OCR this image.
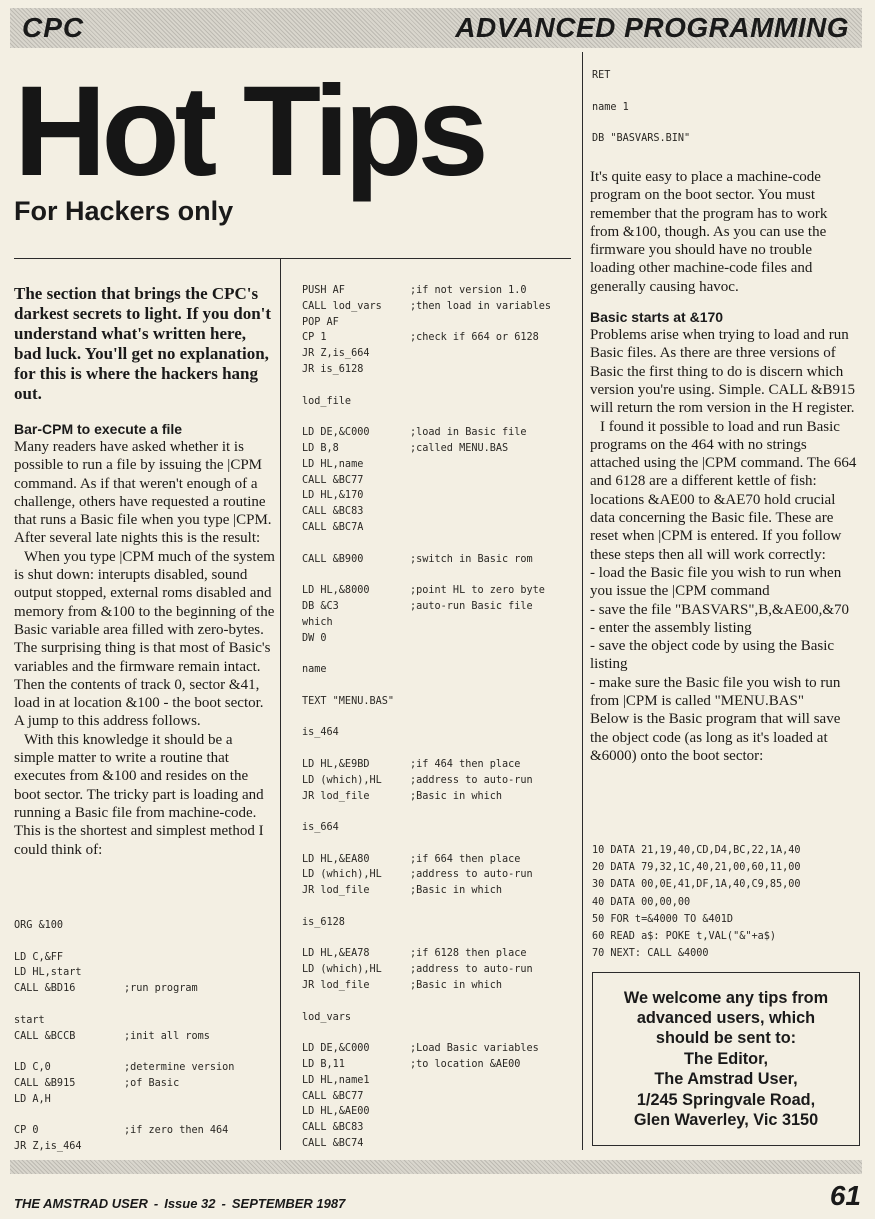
CPC	ADVANCED PROGRAMMING
Hot Tips
For Hackers only
The section that brings the CPC's darkest secrets to light. If you don't understand what's written here, bad luck. You'll get no explanation, for this is where the hackers hang out.
Bar-CPM to execute a file

Many readers have asked whether it is possible to run a file by issuing the |CPM command. As if that weren't enough of a challenge, others have requested a routine that runs a Basic file when you type |CPM. After several late nights this is the result:

When you type |CPM much of the system is shut down: interupts disabled, sound output stopped, external roms disabled and memory from &100 to the beginning of the Basic variable area filled with zero-bytes. The surprising thing is that most of Basic's variables and the firmware remain intact. Then the contents of track 0, sector &41, load in at location &100 - the boot sector. A jump to this address follows.

With this knowledge it should be a simple matter to write a routine that executes from &100 and resides on the boot sector. The tricky part is loading and running a Basic file from machine-code. This is the shortest and simplest method I could think of:

ORG &100

LD C,&FF
LD HL,start
CALL &BD16	;run program

start
CALL &BCCB	;init all roms

LD C,0	;determine version
CALL &B915	;of Basic
LD A,H

CP 0	;if zero then 464
JR Z,is_464
PUSH AF	;if not version 1.0
CALL lod_vars	;then load in variables
POP AF
CP 1	;check if 664 or 6128
JR Z,is_664
JR is_6128

lod_file

LD DE,&C000	;load in Basic file
LD B,8	;called MENU.BAS
LD HL,name
CALL &BC77
LD HL,&170
CALL &BC83
CALL &BC7A

CALL &B900	;switch in Basic rom

LD HL,&8000	;point HL to zero byte
DB &C3	;auto-run Basic file
which
DW 0

name

TEXT "MENU.BAS"

is_464

LD HL,&E9BD	;if 464 then place
LD (which),HL	;address to auto-run
JR lod_file	;Basic in which

is_664

LD HL,&EA80	;if 664 then place
LD (which),HL	;address to auto-run
JR lod_file	;Basic in which

is_6128

LD HL,&EA78	;if 6128 then place
LD (which),HL	;address to auto-run
JR lod_file	;Basic in which

lod_vars

LD DE,&C000	;Load Basic variables
LD B,11	;to location &AE00
LD HL,name1
CALL &BC77
LD HL,&AE00
CALL &BC83
CALL &BC74
RET

name 1

DB "BASVARS.BIN"

It's quite easy to place a machine-code program on the boot sector. You must remember that the program has to work from &100, though. As you can use the firmware you should have no trouble loading other machine-code files and generally causing havoc.

Basic starts at &170

Problems arise when trying to load and run Basic files. As there are three versions of Basic the first thing to do is discern which version you're using. Simple. CALL &B915 will return the rom version in the H register.

I found it possible to load and run Basic programs on the 464 with no strings attached using the |CPM command. The 664 and 6128 are a different kettle of fish: locations &AE00 to &AE70 hold crucial data concerning the Basic file. These are reset when |CPM is entered. If you follow these steps then all will work correctly:

- load the Basic file you wish to run when you issue the |CPM command

- save the file "BASVARS",B,&AE00,&70

- enter the assembly listing

- save the object code by using the Basic listing

- make sure the Basic file you wish to run from |CPM is called "MENU.BAS"

Below is the Basic program that will save the object code (as long as it's loaded at &6000) onto the boot sector:

10 DATA 21,19,40,CD,D4,BC,22,1A,40
20 DATA 79,32,1C,40,21,00,60,11,00
30 DATA 00,0E,41,DF,1A,40,C9,85,00
40 DATA 00,00,00
50 FOR t=&4000 TO &401D
60 READ a$: POKE t,VAL("&"+a$)
70 NEXT: CALL &4000
We welcome any tips from
advanced users, which
should be sent to:
The Editor,
The Amstrad User,
1/245 Springvale Road,
Glen Waverley, Vic 3150
THE AMSTRAD USER - Issue 32 - SEPTEMBER 1987	61
